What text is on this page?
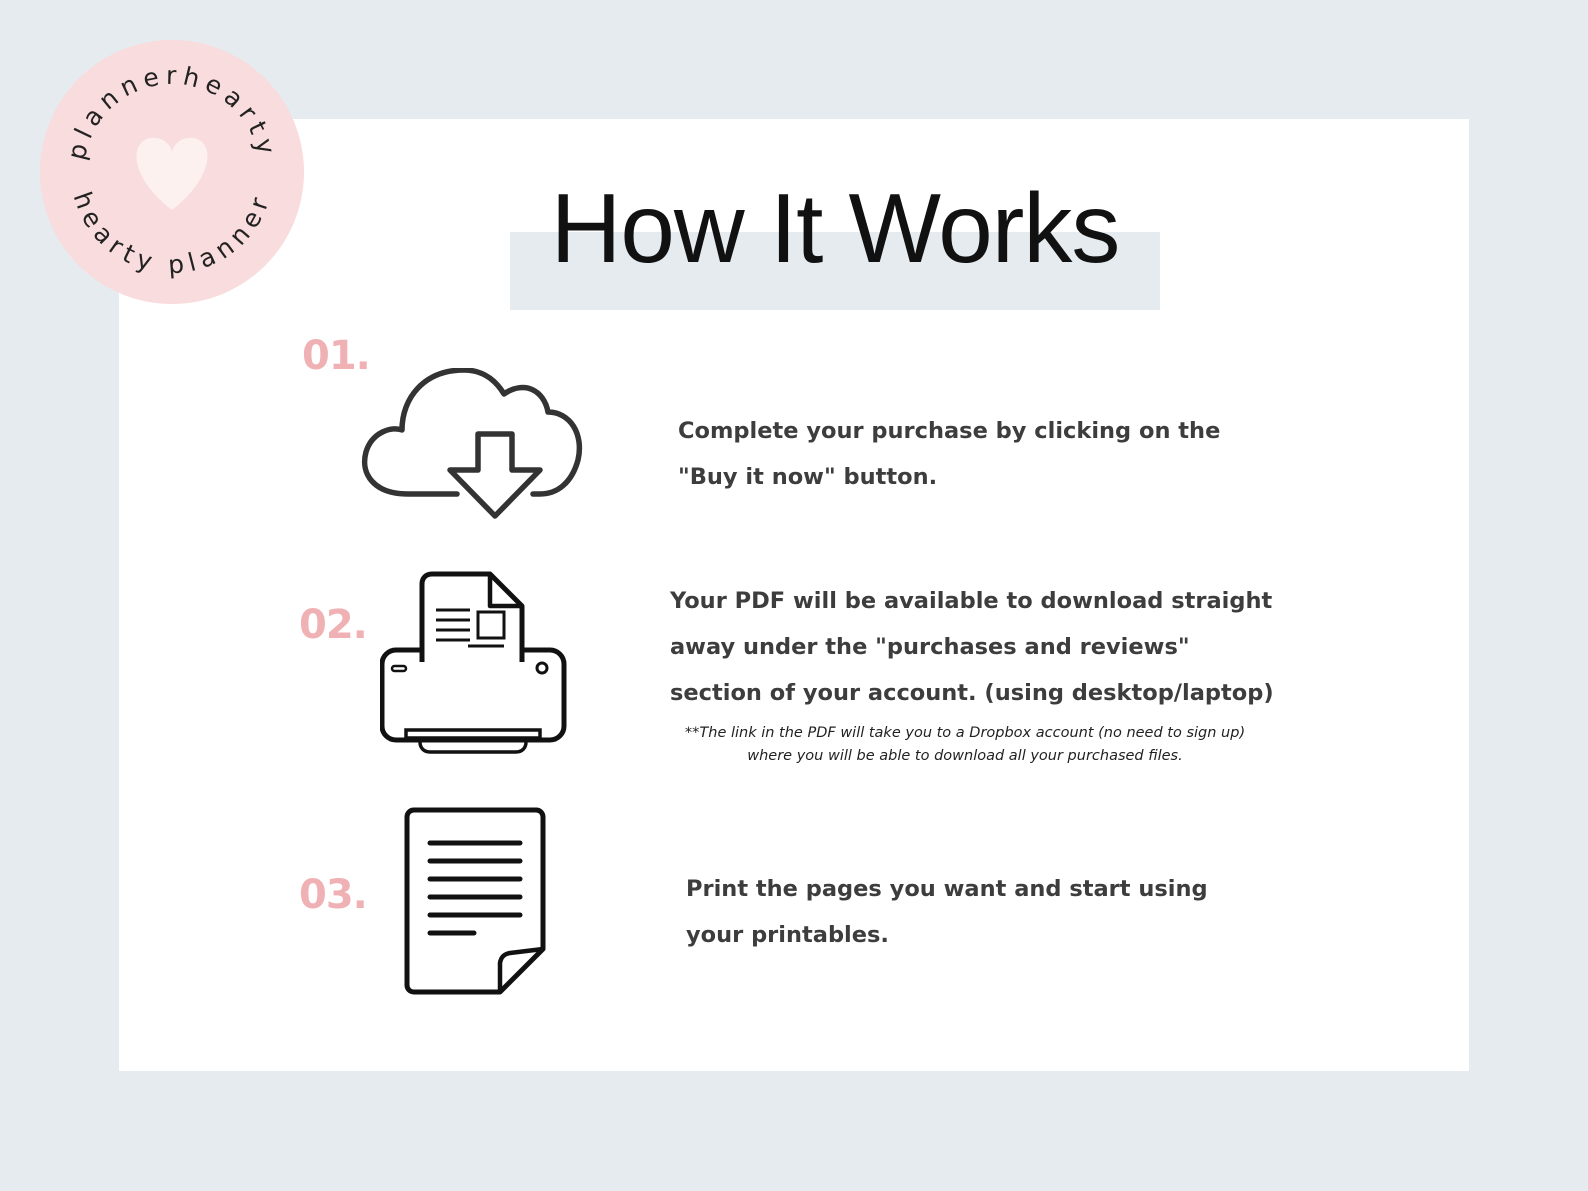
plannerhearty
hearty planner	How It Works

01.

Complete your purchase by clicking on the
"Buy it now" button.

02.

Your PDF will be available to download straight
away under the "purchases and reviews"
section of your account. (using desktop/laptop)

**The link in the PDF will take you to a Dropbox account (no need to sign up)
where you will be able to download all your purchased files.

03.	Print the pages you want and start using
your printables.
